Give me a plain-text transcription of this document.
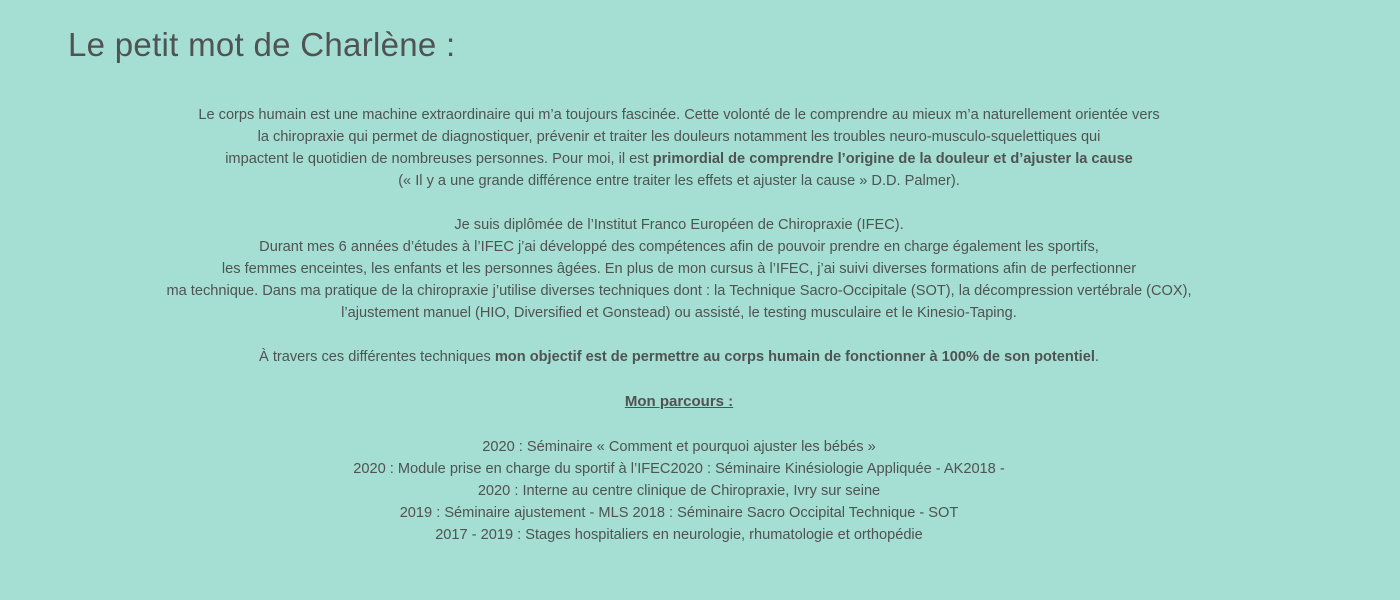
Le petit mot de Charlène :

Le corps humain est une machine extraordinaire qui m’a toujours fascinée. Cette volonté de le comprendre au mieux m’a naturellement orientée vers

la chiropraxie qui permet de diagnostiquer, prévenir et traiter les douleurs notamment les troubles neuro-musculo-squelettiques qui

impactent le quotidien de nombreuses personnes. Pour moi, il est primordial de comprendre l’origine de la douleur et d’ajuster la cause

(« Il y a une grande différence entre traiter les effets et ajuster la cause » D.D. Palmer).

Je suis diplômée de l’Institut Franco Européen de Chiropraxie (IFEC).

Durant mes 6 années d’études à l’IFEC j’ai développé des compétences afin de pouvoir prendre en charge également les sportifs,

les femmes enceintes, les enfants et les personnes âgées. En plus de mon cursus à l’IFEC, j’ai suivi diverses formations afin de perfectionner

ma technique. Dans ma pratique de la chiropraxie j’utilise diverses techniques dont : la Technique Sacro-Occipitale (SOT), la décompression vertébrale (COX),

l’ajustement manuel (HIO, Diversified et Gonstead) ou assisté, le testing musculaire et le Kinesio-Taping.

À travers ces différentes techniques mon objectif est de permettre au corps humain de fonctionner à 100% de son potentiel.

Mon parcours :

2020 : Séminaire « Comment et pourquoi ajuster les bébés »

2020 : Module prise en charge du sportif à l’IFEC2020 : Séminaire Kinésiologie Appliquée - AK2018 -

2020 : Interne au centre clinique de Chiropraxie, Ivry sur seine

2019 : Séminaire ajustement - MLS 2018 : Séminaire Sacro Occipital Technique - SOT

2017 - 2019 : Stages hospitaliers en neurologie, rhumatologie et orthopédie
